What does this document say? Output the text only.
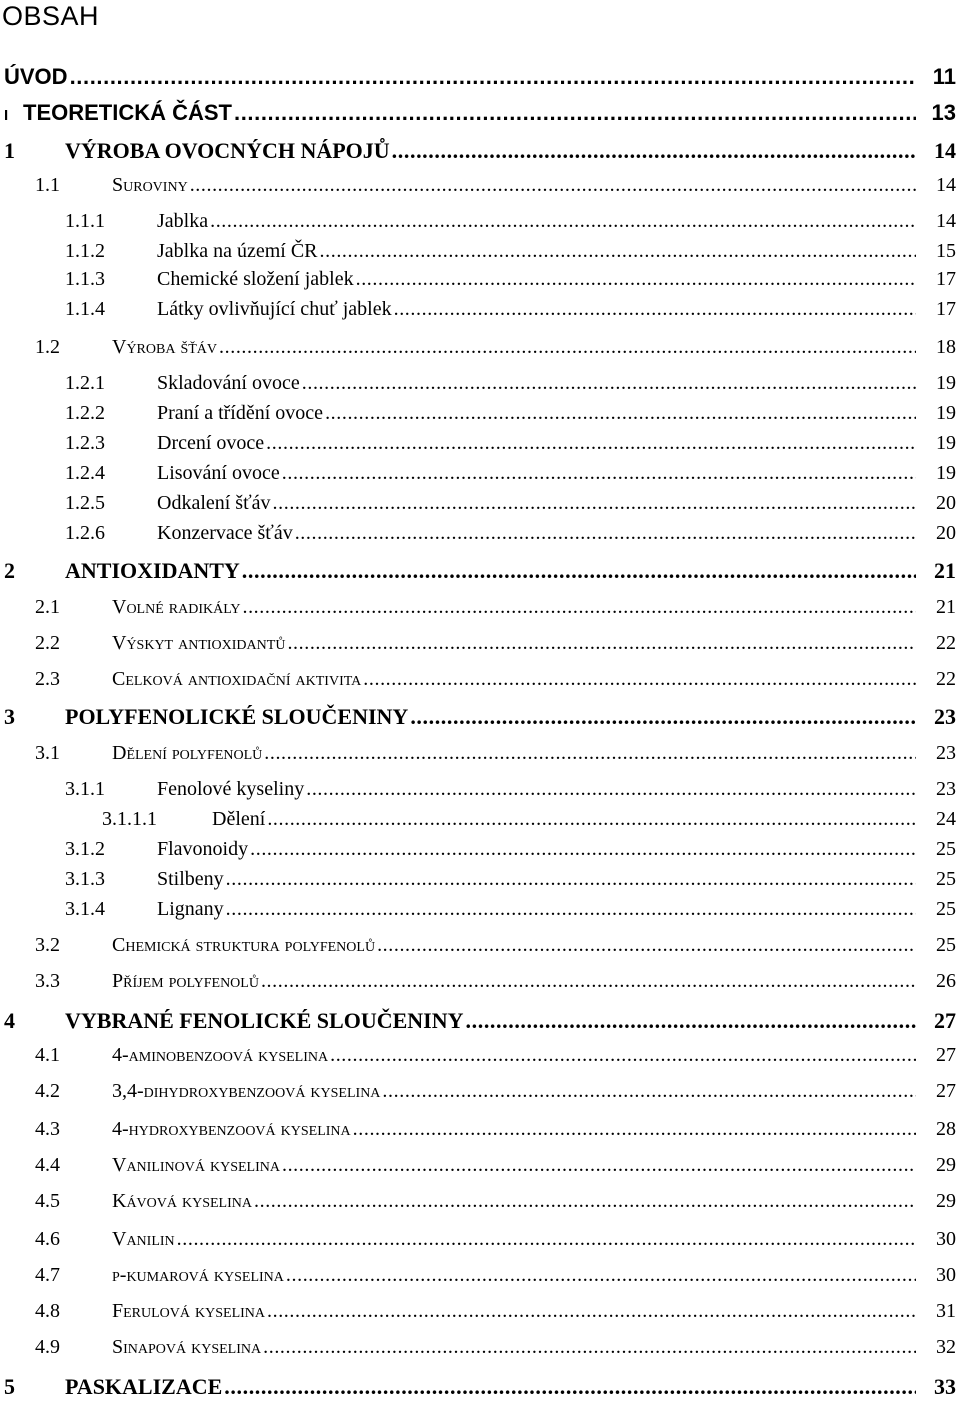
OBSAH
ÚVOD .....	11
I TEORETICKÁ ČÁST .....	13
1	VÝROBA OVOCNÝCH NÁPOJŮ .....	14
1.1	Suroviny .....	14
1.1.1	Jablka .....	14
1.1.2	Jablka na území ČR .....	15
1.1.3	Chemické složení jablek .....	17
1.1.4	Látky ovlivňující chuť jablek .....	17
1.2	Výroba šťáv .....	18
1.2.1	Skladování ovoce .....	19
1.2.2	Praní a třídění ovoce .....	19
1.2.3	Drcení ovoce .....	19
1.2.4	Lisování ovoce .....	19
1.2.5	Odkalení šťáv .....	20
1.2.6	Konzervace šťáv .....	20
2	ANTIOXIDANTY .....	21
2.1	Volné radikály .....	21
2.2	Výskyt antioxidantů .....	22
2.3	Celková antioxidační aktivita .....	22
3	POLYFENOLICKÉ SLOUČENINY .....	23
3.1	Dělení polyfenolů .....	23
3.1.1	Fenolové kyseliny .....	23
3.1.1.1	Dělení .....	24
3.1.2	Flavonoidy .....	25
3.1.3	Stilbeny .....	25
3.1.4	Lignany .....	25
3.2	Chemická struktura polyfenolů .....	25
3.3	Příjem polyfenolů .....	26
4	VYBRANÉ FENOLICKÉ SLOUČENINY .....	27
4.1	4-aminobenzoová kyselina .....	27
4.2	3,4-dihydroxybenzoová kyselina .....	27
4.3	4-hydroxybenzoová kyselina .....	28
4.4	Vanilinová kyselina .....	29
4.5	Kávová kyselina .....	29
4.6	Vanilin .....	30
4.7	p-kumarová kyselina .....	30
4.8	Ferulová kyselina .....	31
4.9	Sinapová kyselina .....	32
5	PASKALIZACE .....	33
